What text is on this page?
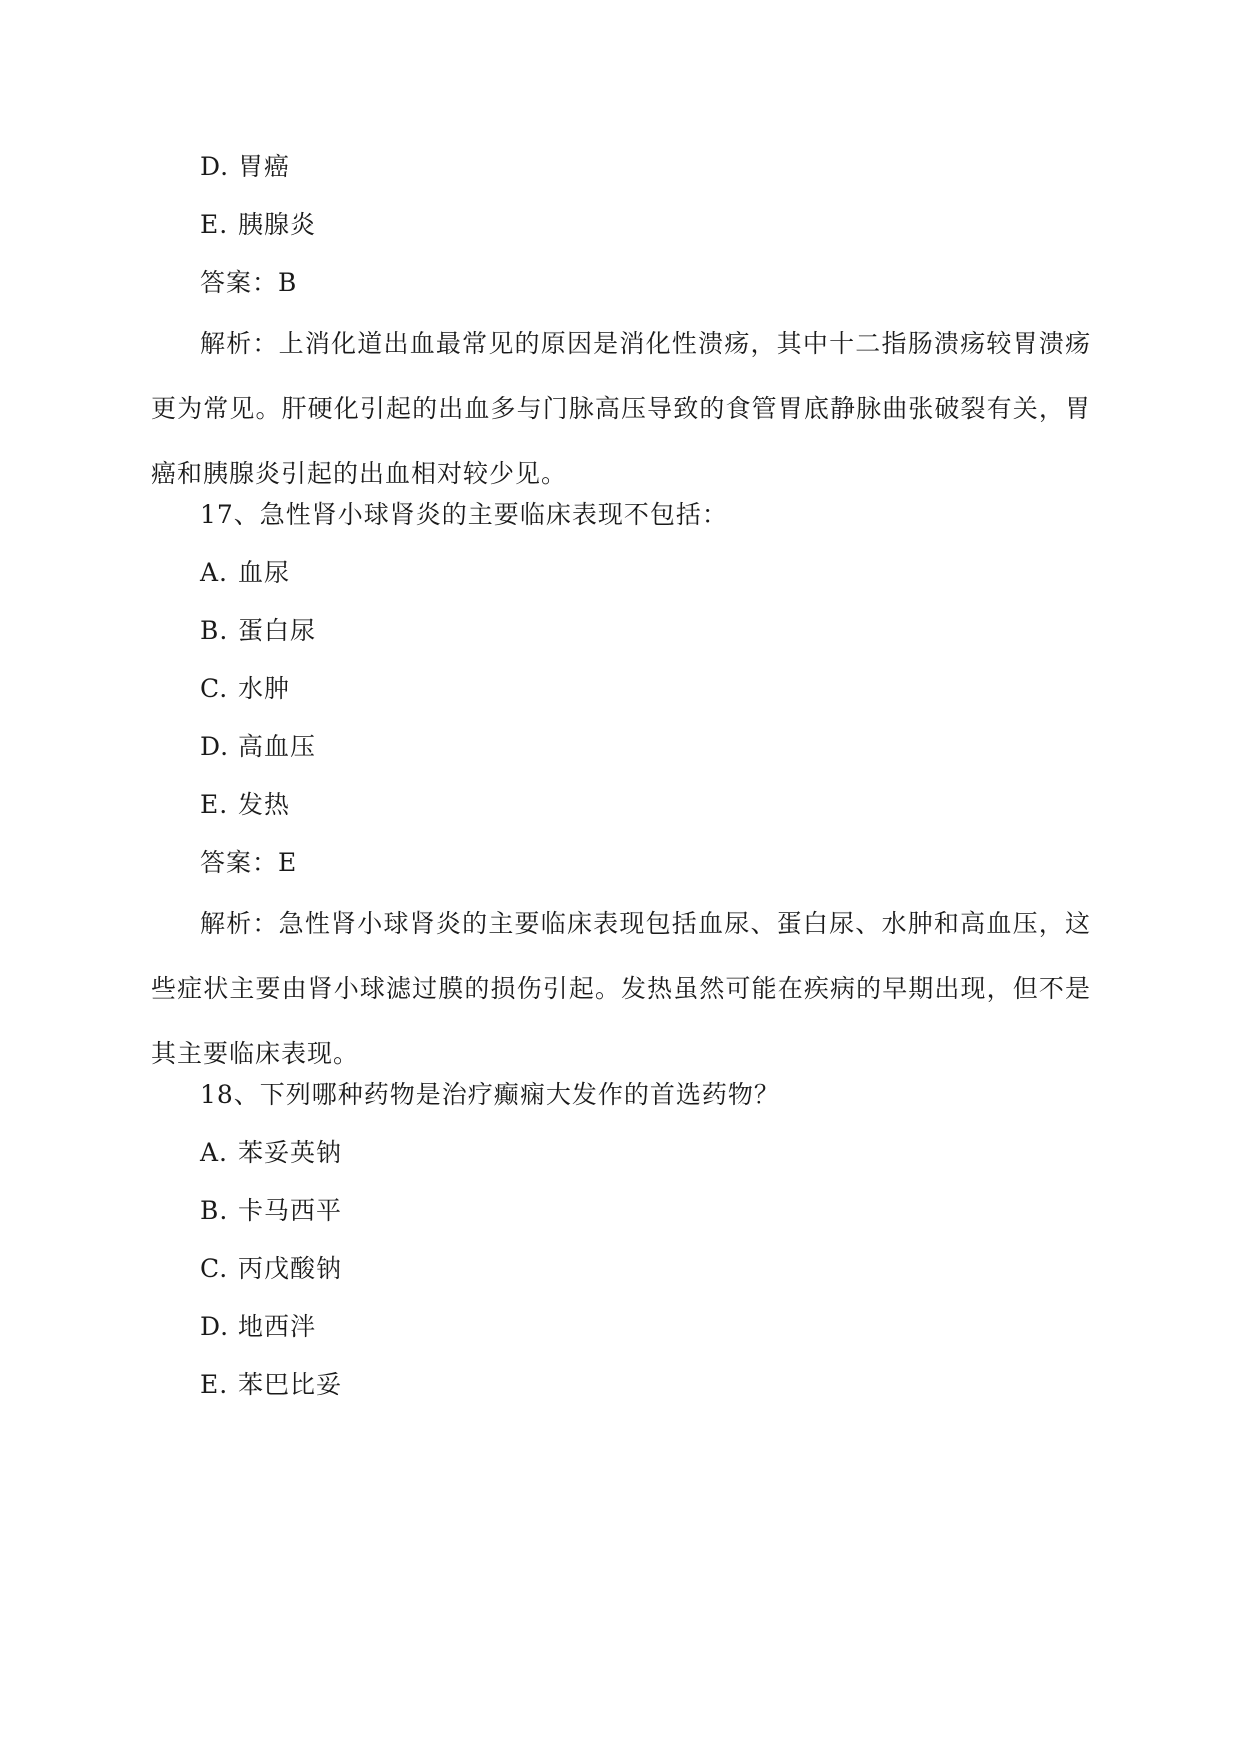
D. 胃癌
E. 胰腺炎
答案：B
解析：上消化道出血最常见的原因是消化性溃疡，其中十二指肠溃疡较胃溃疡更为常见。肝硬化引起的出血多与门脉高压导致的食管胃底静脉曲张破裂有关，胃癌和胰腺炎引起的出血相对较少见。
17、急性肾小球肾炎的主要临床表现不包括：
A. 血尿
B. 蛋白尿
C. 水肿
D. 高血压
E. 发热
答案：E
解析：急性肾小球肾炎的主要临床表现包括血尿、蛋白尿、水肿和高血压，这些症状主要由肾小球滤过膜的损伤引起。发热虽然可能在疾病的早期出现，但不是其主要临床表现。
18、下列哪种药物是治疗癫痫大发作的首选药物？
A. 苯妥英钠
B. 卡马西平
C. 丙戊酸钠
D. 地西泮
E. 苯巴比妥
